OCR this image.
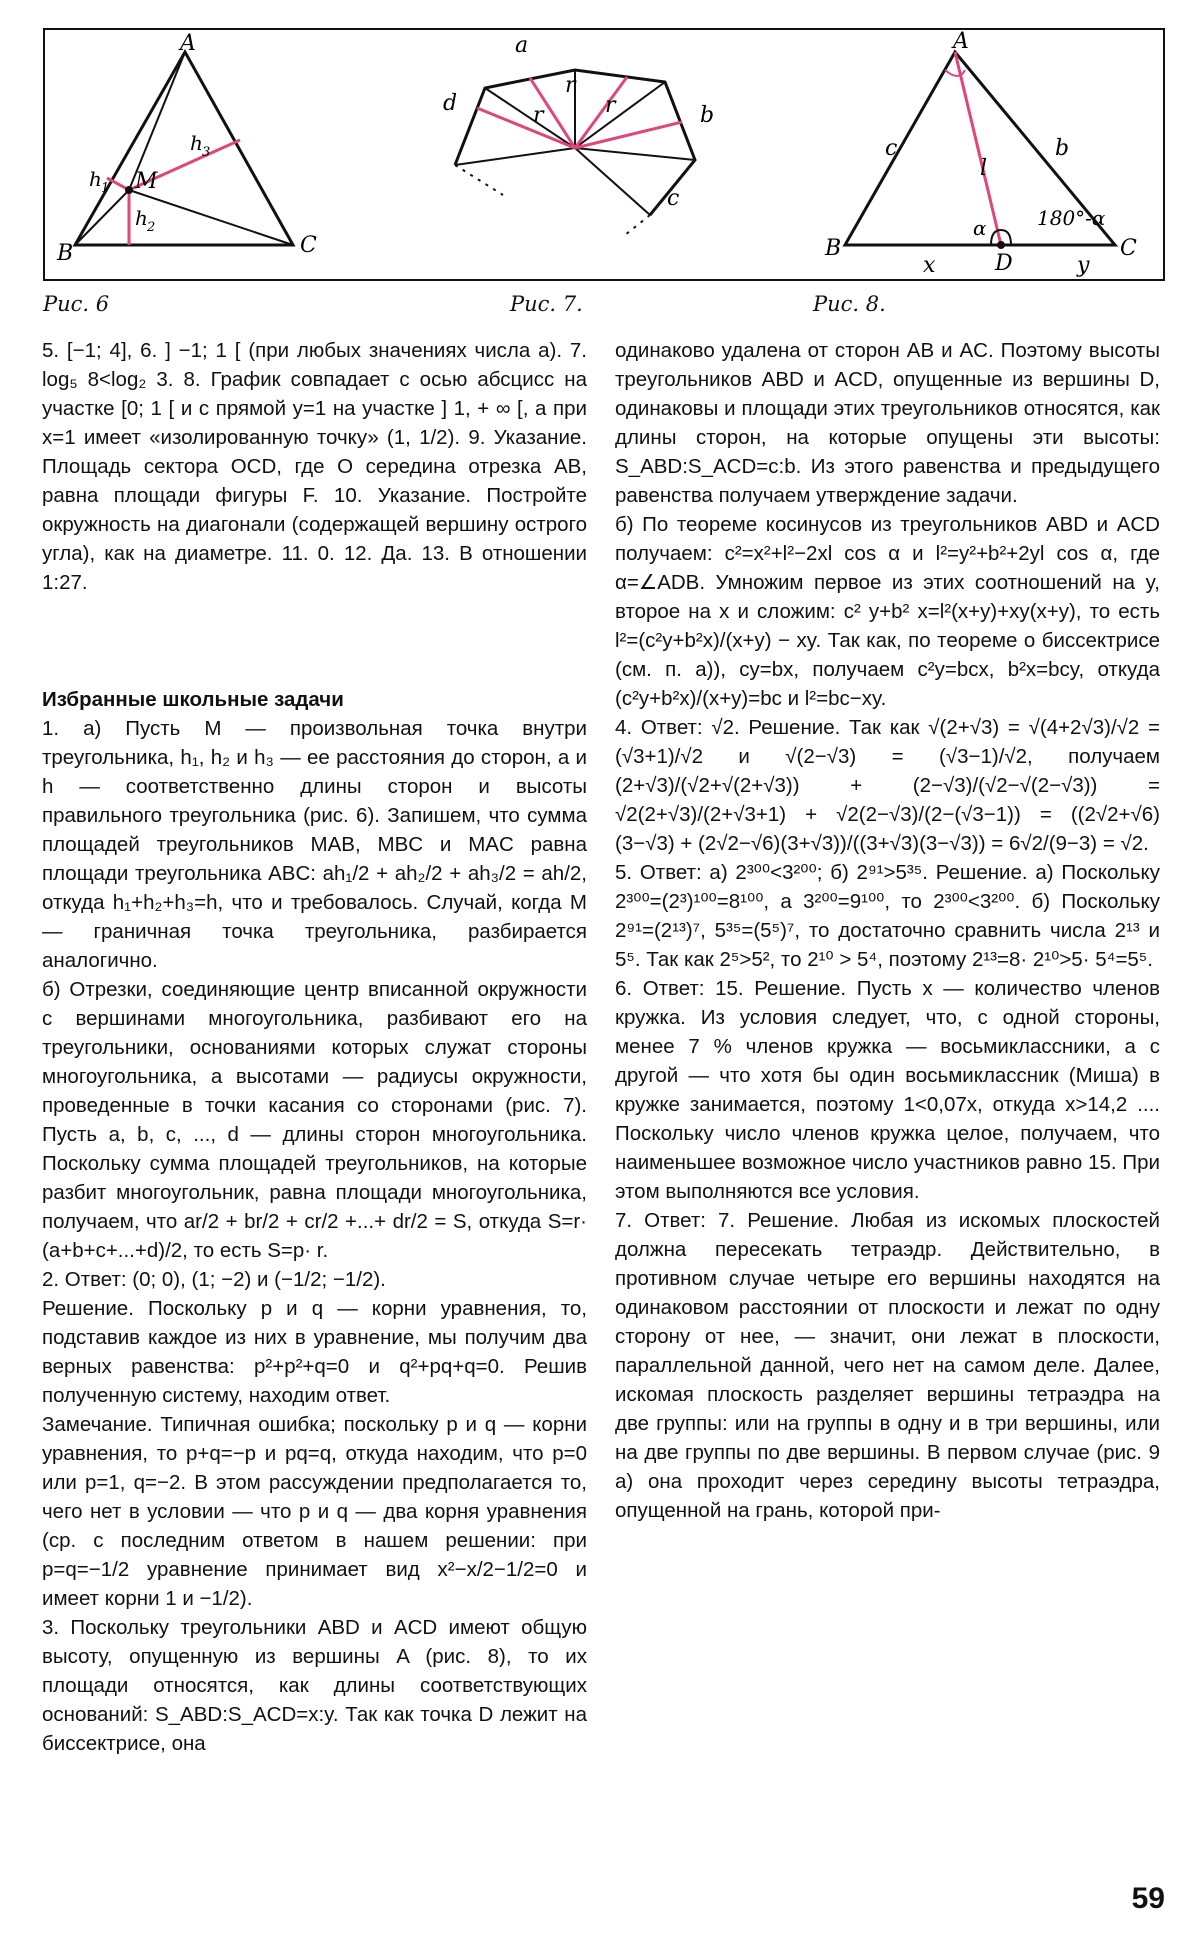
A
B	C
M
h 1
h 2
h 3
a
b
c
d	r
r
r
A
B	C
D
c	b
l
x	y
α	180°-α
Рис. 6	Рис. 7.	Рис. 8.

5. [−1; 4], 6. ] −1; 1 [ (при любых значениях числа a). 7. log₅ 8<log₂ 3. 8. График совпадает с осью абсцисс на участке [0; 1 [ и с прямой y=1 на участке ] 1, + ∞ [, а при x=1 имеет «изолированную точку» (1, 1/2). 9. Указание. Площадь сектора OCD, где O середина отрезка AB, равна площади фигуры F. 10. Указание. Постройте окружность на диагонали (содержащей вершину острого угла), как на диаметре. 11. 0. 12. Да. 13. В отношении 1:27.

Избранные школьные задачи

1. а) Пусть M — произвольная точка внутри треугольника, h₁, h₂ и h₃ — ее расстояния до сторон, a и h — соответственно длины сторон и высоты правильного треугольника (рис. 6). Запишем, что сумма площадей треугольников MAB, MBC и MAC равна площади треугольника ABC: ah₁/2 + ah₂/2 + ah₃/2 = ah/2, откуда h₁+h₂+h₃=h, что и требовалось. Случай, когда M — граничная точка треугольника, разбирается аналогично.

б) Отрезки, соединяющие центр вписанной окружности с вершинами многоугольника, разбивают его на треугольники, основаниями которых служат стороны многоугольника, а высотами — радиусы окружности, проведенные в точки касания со сторонами (рис. 7). Пусть a, b, c, ..., d — длины сторон многоугольника. Поскольку сумма площадей треугольников, на которые разбит многоугольник, равна площади многоугольника, получаем, что ar/2 + br/2 + cr/2 +...+ dr/2 = S, откуда S=r· (a+b+c+...+d)/2, то есть S=p· r.

2. Ответ: (0; 0), (1; −2) и (−1/2; −1/2).

Решение. Поскольку p и q — корни уравнения, то, подставив каждое из них в уравнение, мы получим два верных равенства: p²+p²+q=0 и q²+pq+q=0. Решив полученную систему, находим ответ.

Замечание. Типичная ошибка; поскольку p и q — корни уравнения, то p+q=−p и pq=q, откуда находим, что p=0 или p=1, q=−2. В этом рассуждении предполагается то, чего нет в условии — что p и q — два корня уравнения (ср. с последним ответом в нашем решении: при p=q=−1/2 уравнение принимает вид x²−x/2−1/2=0 и имеет корни 1 и −1/2).

3. Поскольку треугольники ABD и ACD имеют общую высоту, опущенную из вершины A (рис. 8), то их площади относятся, как длины соответствующих оснований: S_ABD:S_ACD=x:y. Так как точка D лежит на биссектрисе, она

одинаково удалена от сторон AB и AC. Поэтому высоты треугольников ABD и ACD, опущенные из вершины D, одинаковы и площади этих треугольников относятся, как длины сторон, на которые опущены эти высоты: S_ABD:S_ACD=c:b. Из этого равенства и предыдущего равенства получаем утверждение задачи.

б) По теореме косинусов из треугольников ABD и ACD получаем: c²=x²+l²−2xl cos α и l²=y²+b²+2yl cos α, где α=∠ADB. Умножим первое из этих соотношений на y, второе на x и сложим: c² y+b² x=l²(x+y)+xy(x+y), то есть l²=(c²y+b²x)/(x+y) − xy. Так как, по теореме о биссектрисе (см. п. а)), cy=bx, получаем c²y=bcx, b²x=bcy, откуда (c²y+b²x)/(x+y)=bc и l²=bc−xy.

4. Ответ: √2. Решение. Так как √(2+√3) = √(4+2√3)/√2 = (√3+1)/√2 и √(2−√3) = (√3−1)/√2, получаем (2+√3)/(√2+√(2+√3)) + (2−√3)/(√2−√(2−√3)) = √2(2+√3)/(2+√3+1) + √2(2−√3)/(2−(√3−1)) = ((2√2+√6)(3−√3) + (2√2−√6)(3+√3))/((3+√3)(3−√3)) = 6√2/(9−3) = √2.

5. Ответ: а) 2³⁰⁰<3²⁰⁰; б) 2⁹¹>5³⁵. Решение. а) Поскольку 2³⁰⁰=(2³)¹⁰⁰=8¹⁰⁰, а 3²⁰⁰=9¹⁰⁰, то 2³⁰⁰<3²⁰⁰. б) Поскольку 2⁹¹=(2¹³)⁷, 5³⁵=(5⁵)⁷, то достаточно сравнить числа 2¹³ и 5⁵. Так как 2⁵>5², то 2¹⁰ > 5⁴, поэтому 2¹³=8· 2¹⁰>5· 5⁴=5⁵.

6. Ответ: 15. Решение. Пусть x — количество членов кружка. Из условия следует, что, с одной стороны, менее 7 % членов кружка — восьмиклассники, а с другой — что хотя бы один восьмиклассник (Миша) в кружке занимается, поэтому 1<0,07x, откуда x>14,2 .... Поскольку число членов кружка целое, получаем, что наименьшее возможное число участников равно 15. При этом выполняются все условия.

7. Ответ: 7. Решение. Любая из искомых плоскостей должна пересекать тетраэдр. Действительно, в противном случае четыре его вершины находятся на одинаковом расстоянии от плоскости и лежат по одну сторону от нее, — значит, они лежат в плоскости, параллельной данной, чего нет на самом деле. Далее, искомая плоскость разделяет вершины тетраэдра на две группы: или на группы в одну и в три вершины, или на две группы по две вершины. В первом случае (рис. 9 а) она проходит через середину высоты тетраэдра, опущенной на грань, которой при-

59
